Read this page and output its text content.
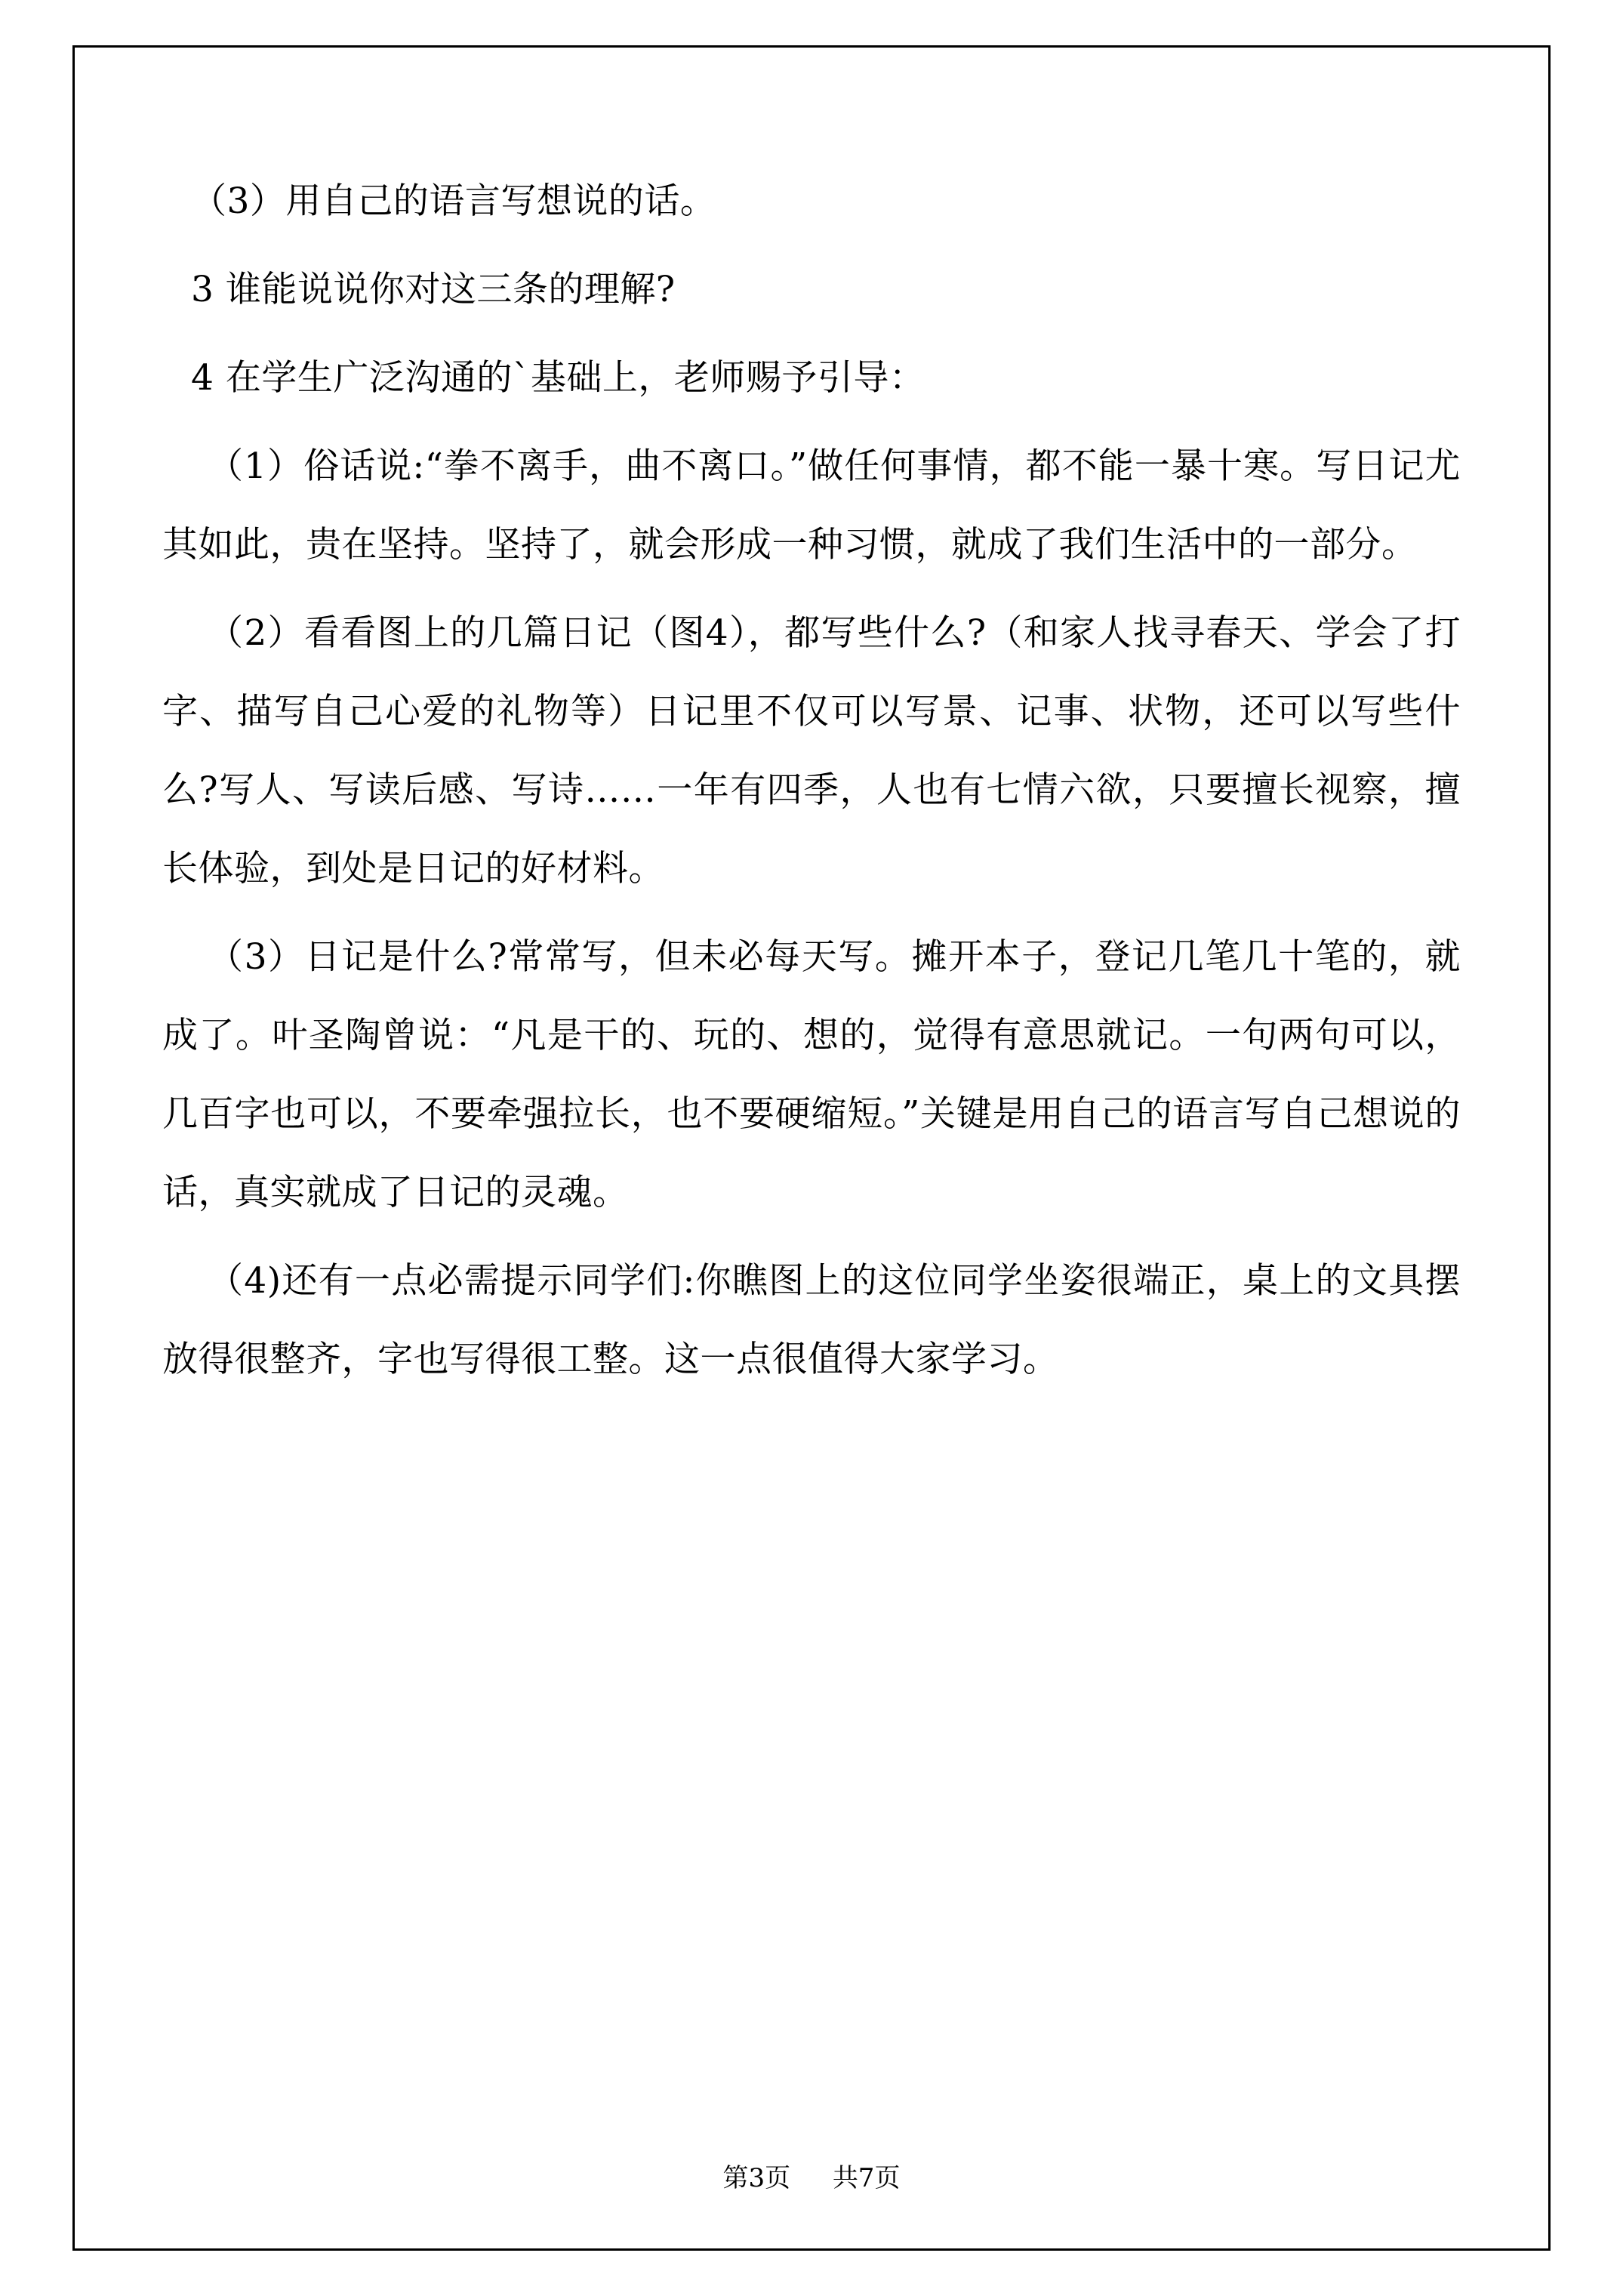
（3）用自己的语言写想说的话。

3 谁能说说你对这三条的理解?

4 在学生广泛沟通的`基础上，老师赐予引导：

（1）俗话说:“拳不离手，曲不离口。”做任何事情，都不能一暴十寒。写日记尤其如此，贵在坚持。坚持了，就会形成一种习惯，就成了我们生活中的一部分。

（2）看看图上的几篇日记（图4），都写些什么?（和家人找寻春天、学会了打字、描写自己心爱的礼物等）日记里不仅可以写景、记事、状物，还可以写些什么?写人、写读后感、写诗……一年有四季，人也有七情六欲，只要擅长视察，擅长体验，到处是日记的好材料。

（3）日记是什么?常常写，但未必每天写。摊开本子，登记几笔几十笔的，就成了。叶圣陶曾说：“凡是干的、玩的、想的，觉得有意思就记。一句两句可以，几百字也可以，不要牵强拉长，也不要硬缩短。”关键是用自己的语言写自己想说的话，真实就成了日记的灵魂。

（4)还有一点必需提示同学们:你瞧图上的这位同学坐姿很端正，桌上的文具摆放得很整齐，字也写得很工整。这一点很值得大家学习。

第3页 共7页
